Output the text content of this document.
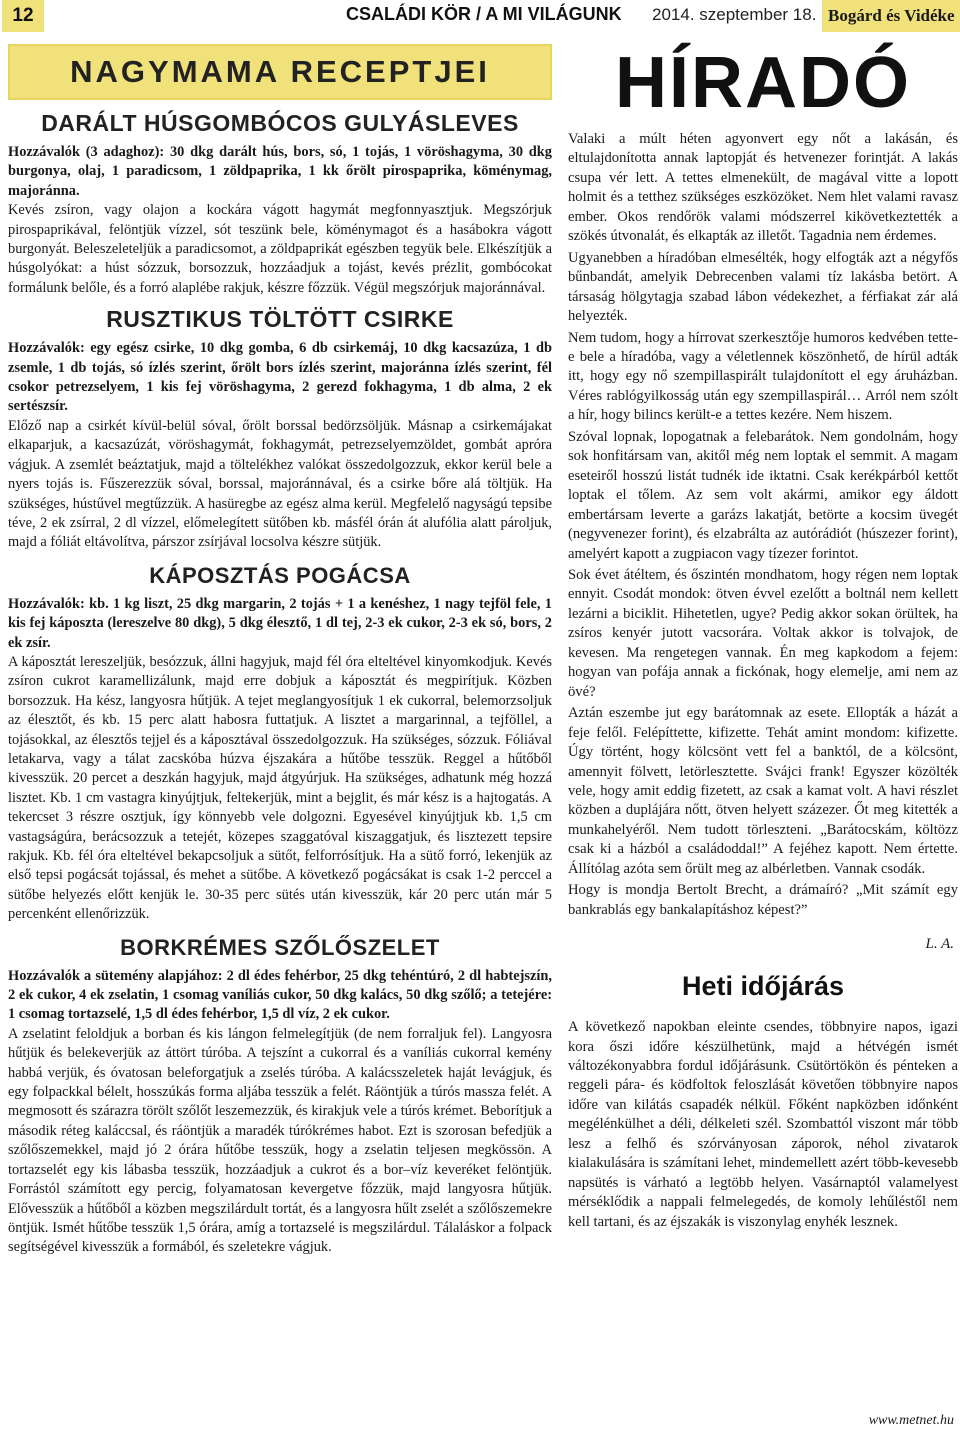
12	CSALÁDI KÖR / A MI VILÁGUNK 2014. szeptember 18. Bogárd és Vidéke
NAGYMAMA RECEPTJEI
DARÁLT HÚSGOMBÓCOS GULYÁSLEVES

Hozzávalók (3 adaghoz): 30 dkg darált hús, bors, só, 1 tojás, 1 vöröshagyma, 30 dkg burgonya, olaj, 1 paradicsom, 1 zöldpaprika, 1 kk őrölt pirospaprika, köménymag, majoránna.

Kevés zsíron, vagy olajon a kockára vágott hagymát megfonnyasztjuk. Megszórjuk pirospaprikával, felöntjük vízzel, sót teszünk bele, köménymagot és a hasábokra vágott burgonyát. Beleszeleteljük a paradicsomot, a zöldpaprikát egészben tegyük bele. Elkészítjük a húsgolyókat: a húst sózzuk, borsozzuk, hozzáadjuk a tojást, kevés prézlit, gombócokat formálunk belőle, és a forró alaplébe rakjuk, készre főzzük. Végül megszórjuk majoránnával.

RUSZTIKUS TÖLTÖTT CSIRKE

Hozzávalók: egy egész csirke, 10 dkg gomba, 6 db csirkemáj, 10 dkg kacsazúza, 1 db zsemle, 1 db tojás, só ízlés szerint, őrölt bors ízlés szerint, majoránna ízlés szerint, fél csokor petrezselyem, 1 kis fej vöröshagyma, 2 gerezd fokhagyma, 1 db alma, 2 ek sertészsír.

Előző nap a csirkét kívül-belül sóval, őrölt borssal bedörzsöljük. Másnap a csirkemájakat elkaparjuk, a kacsazúzát, vöröshagymát, fokhagymát, petrezselyemzöldet, gombát apróra vágjuk. A zsemlét beáztatjuk, majd a töltelékhez valókat összedolgozzuk, ekkor kerül bele a nyers tojás is. Fűszerezzük sóval, borssal, majoránnával, és a csirke bőre alá töltjük. Ha szükséges, hústűvel megtűzzük. A hasüregbe az egész alma kerül. Megfelelő nagyságú tepsibe téve, 2 ek zsírral, 2 dl vízzel, előmelegített sütőben kb. másfél órán át alufólia alatt pároljuk, majd a fóliát eltávolítva, párszor zsírjával locsolva készre sütjük.

KÁPOSZTÁS POGÁCSA

Hozzávalók: kb. 1 kg liszt, 25 dkg margarin, 2 tojás + 1 a kenéshez, 1 nagy tejföl fele, 1 kis fej káposzta (lereszelve 80 dkg), 5 dkg élesztő, 1 dl tej, 2-3 ek cukor, 2-3 ek só, bors, 2 ek zsír.

A káposztát lereszeljük, besózzuk, állni hagyjuk, majd fél óra elteltével kinyomkodjuk. Kevés zsíron cukrot karamellizálunk, majd erre dobjuk a káposztát és megpirítjuk. Közben borsozzuk. Ha kész, langyosra hűtjük. A tejet meglangyosítjuk 1 ek cukorral, belemorzsoljuk az élesztőt, és kb. 15 perc alatt habosra futtatjuk. A lisztet a margarinnal, a tejföllel, a tojásokkal, az élesztős tejjel és a káposztával összedolgozzuk. Ha szükséges, sózzuk. Fóliával letakarva, vagy a tálat zacskóba húzva éjszakára a hűtőbe tesszük. Reggel a hűtőből kivesszük. 20 percet a deszkán hagyjuk, majd átgyúrjuk. Ha szükséges, adhatunk még hozzá lisztet. Kb. 1 cm vastagra kinyújtjuk, feltekerjük, mint a bejglit, és már kész is a hajtogatás. A tekercset 3 részre osztjuk, így könnyebb vele dolgozni. Egyesével kinyújtjuk kb. 1,5 cm vastagságúra, berácsozzuk a tetejét, közepes szaggatóval kiszaggatjuk, és lisztezett tepsire rakjuk. Kb. fél óra elteltével bekapcsoljuk a sütőt, felforrósítjuk. Ha a sütő forró, lekenjük az első tepsi pogácsát tojással, és mehet a sütőbe. A következő pogácsákat is csak 1-2 perccel a sütőbe helyezés előtt kenjük le. 30-35 perc sütés után kivesszük, kár 20 perc után már 5 percenként ellenőrizzük.

BORKRÉMES SZŐLŐSZELET

Hozzávalók a sütemény alapjához: 2 dl édes fehérbor, 25 dkg tehéntúró, 2 dl habtejszín, 2 ek cukor, 4 ek zselatin, 1 csomag vaníliás cukor, 50 dkg kalács, 50 dkg szőlő; a tetejére: 1 csomag tortazselé, 1,5 dl édes fehérbor, 1,5 dl víz, 2 ek cukor.

A zselatint feloldjuk a borban és kis lángon felmelegítjük (de nem forraljuk fel). Langyosra hűtjük és belekeverjük az áttört túróba. A tejszínt a cukorral és a vaníliás cukorral kemény habbá verjük, és óvatosan beleforgatjuk a zselés túróba. A kalácsszeletek haját levágjuk, és egy folpackkal bélelt, hosszúkás forma aljába tesszük a felét. Ráöntjük a túrós massza felét. A megmosott és szárazra törölt szőlőt leszemezzük, és kirakjuk vele a túrós krémet. Beborítjuk a második réteg kaláccsal, és ráöntjük a maradék túrókrémes habot. Ezt is szorosan befedjük a szőlőszemekkel, majd jó 2 órára hűtőbe tesszük, hogy a zselatin teljesen megkössön. A tortazselét egy kis lábasba tesszük, hozzáadjuk a cukrot és a bor–víz keveréket felöntjük. Forrástól számított egy percig, folyamatosan kevergetve főzzük, majd langyosra hűtjük. Elővesszük a hűtőből a közben megszilárdult tortát, és a langyosra hűlt zselét a szőlőszemekre öntjük. Ismét hűtőbe tesszük 1,5 órára, amíg a tortazselé is megszilárdul. Tálaláskor a folpack segítségével kivesszük a formából, és szeletekre vágjuk.

HÍRADÓ

Valaki a múlt héten agyonvert egy nőt a lakásán, és eltulajdonította annak laptopját és hetvenezer forintját. A lakás csupa vér lett. A tettes elmenekült, de magával vitte a lopott holmit és a tetthez szükséges eszközöket. Nem hlet valami ravasz ember. Okos rendőrök valami módszerrel kikövetkeztették a szökés útvonalát, és elkapták az illetőt. Tagadnia nem érdemes.

Ugyanebben a híradóban elmesélték, hogy elfogták azt a négyfős bűnbandát, amelyik Debrecenben valami tíz lakásba betört. A társaság hölgytagja szabad lábon védekezhet, a férfiakat zár alá helyezték.

Nem tudom, hogy a hírrovat szerkesztője humoros kedvében tette-e bele a híradóba, vagy a véletlennek köszönhető, de hírül adták itt, hogy egy nő szempillaspirált tulajdonított el egy áruházban. Véres rablógyilkosság után egy szempillaspirál… Arról nem szólt a hír, hogy bilincs került-e a tettes kezére. Nem hiszem.

Szóval lopnak, lopogatnak a felebarátok. Nem gondolnám, hogy sok honfitársam van, akitől még nem loptak el semmit. A magam eseteiről hosszú listát tudnék ide iktatni. Csak kerékpárból kettőt loptak el tőlem. Az sem volt akármi, amikor egy áldott embertársam leverte a garázs lakatját, betörte a kocsim üvegét (negyvenezer forint), és elzabrálta az autórádiót (húszezer forint), amelyért kapott a zugpiacon vagy tízezer forintot.

Sok évet átéltem, és őszintén mondhatom, hogy régen nem loptak ennyit. Csodát mondok: ötven évvel ezelőtt a boltnál nem kellett lezárni a biciklit. Hihetetlen, ugye? Pedig akkor sokan örültek, ha zsíros kenyér jutott vacsorára. Voltak akkor is tolvajok, de kevesen. Ma rengetegen vannak. Én meg kapkodom a fejem: hogyan van pofája annak a fickónak, hogy elemelje, ami nem az övé?

Aztán eszembe jut egy barátomnak az esete. Ellopták a házát a feje felől. Felépíttette, kifizette. Tehát amint mondom: kifizette. Úgy történt, hogy kölcsönt vett fel a banktól, de a kölcsönt, amennyit fölvett, letörlesztette. Svájci frank! Egyszer közölték vele, hogy amit eddig fizetett, az csak a kamat volt. A havi részlet közben a duplájára nőtt, ötven helyett százezer. Őt meg kitették a munkahelyéről. Nem tudott törleszteni. „Barátocskám, költözz csak ki a házból a családoddal!” A fejéhez kapott. Nem értette. Állítólag azóta sem őrült meg az albérletben. Vannak csodák.

Hogy is mondja Bertolt Brecht, a drámaíró? „Mit számít egy bankrablás egy bankalapításhoz képest?”

L. A.
Heti időjárás

A következő napokban eleinte csendes, többnyire napos, igazi kora őszi időre készülhetünk, majd a hétvégén ismét változékonyabbra fordul időjárásunk. Csütörtökön és pénteken a reggeli pára- és ködfoltok feloszlását követően többnyire napos időre van kilátás csapadék nélkül. Főként napközben időnként megélénkülhet a déli, délkeleti szél. Szombattól viszont már több lesz a felhő és szórványosan záporok, néhol zivatarok kialakulására is számítani lehet, mindemellett azért több-kevesebb napsütés is várható a legtöbb helyen. Vasárnaptól valamelyest mérséklődik a nappali felmelegedés, de komoly lehűléstől nem kell tartani, és az éjszakák is viszonylag enyhék lesznek.

www.metnet.hu
